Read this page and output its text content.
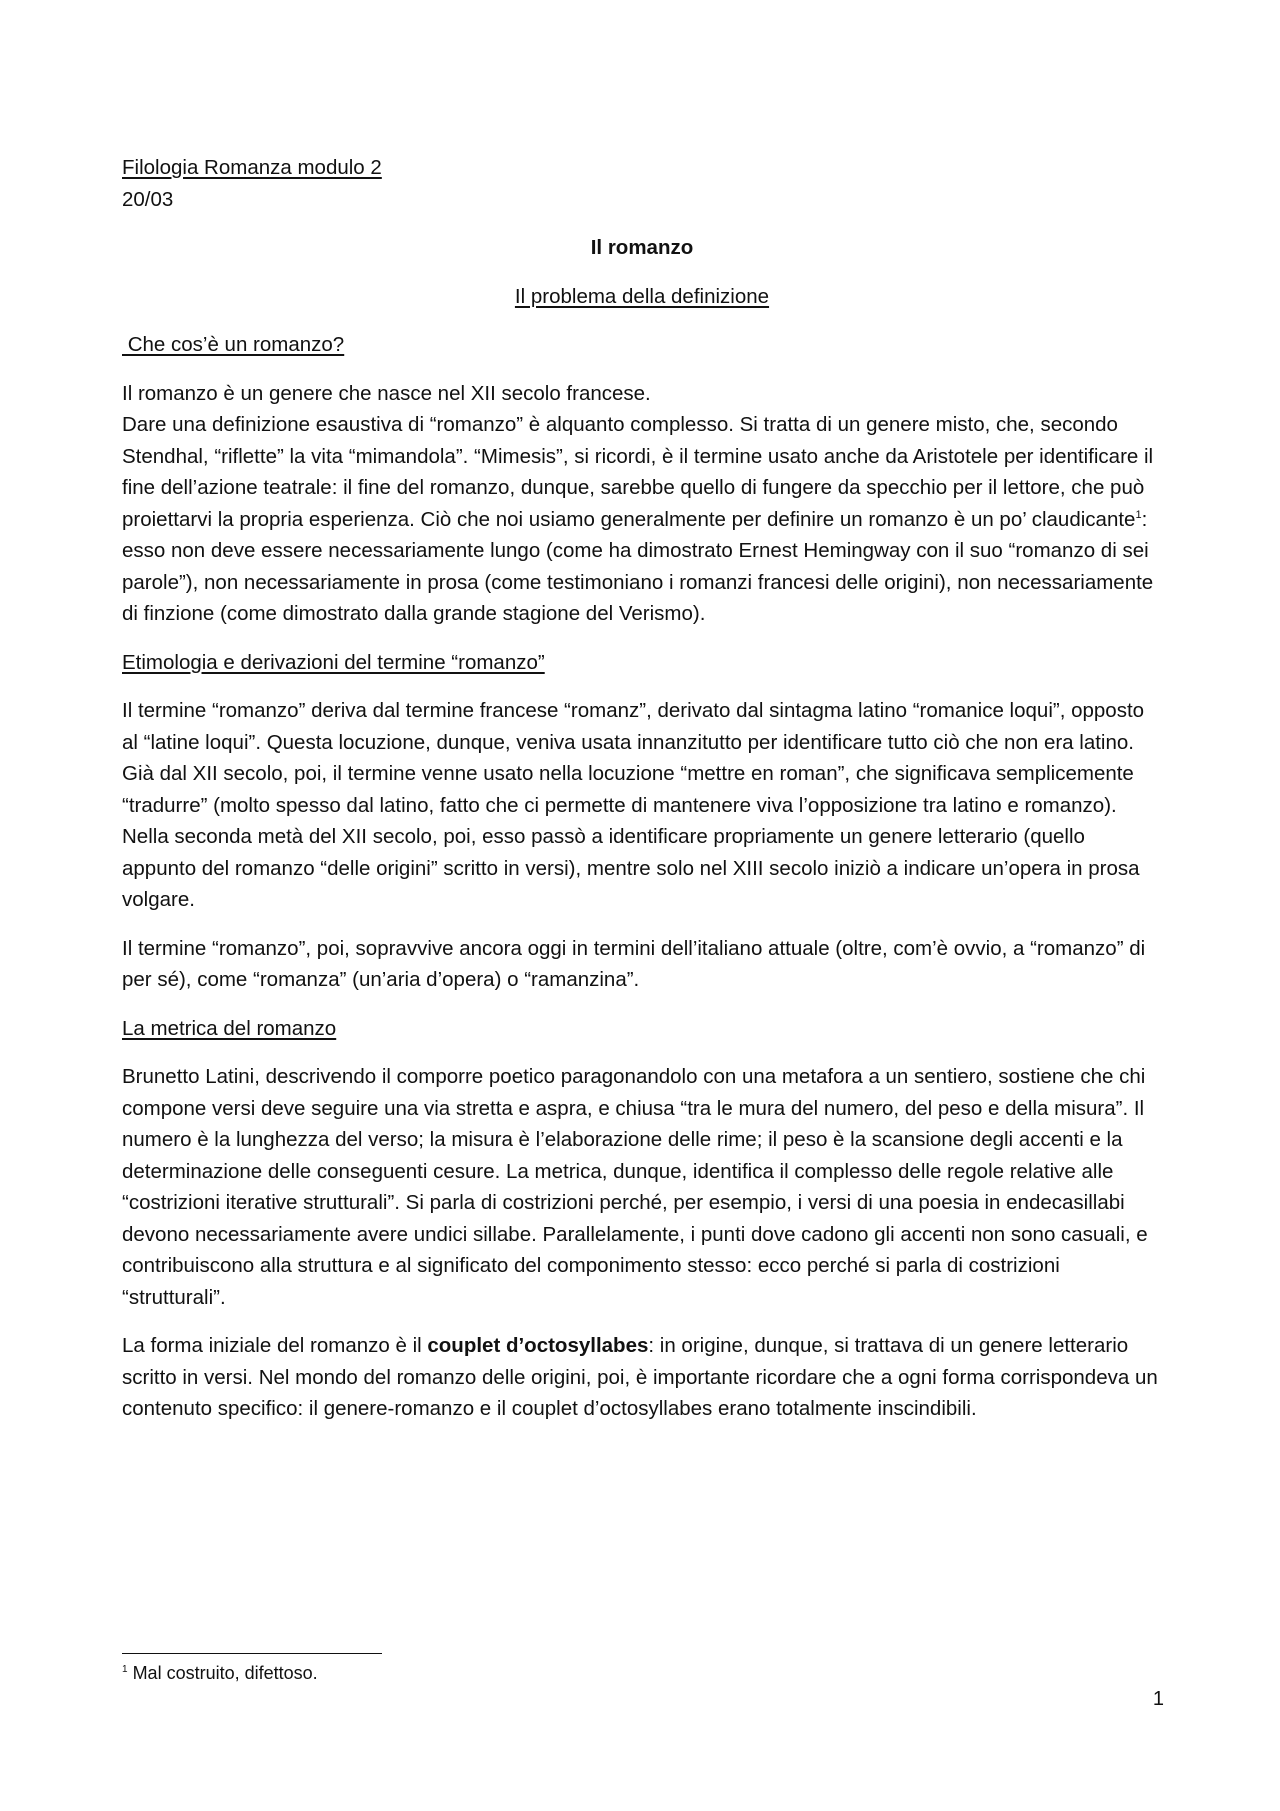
Filologia Romanza modulo 2

20/03

Il romanzo

Il problema della definizione

Che cos’è un romanzo?

Il romanzo è un genere che nasce nel XII secolo francese.
Dare una definizione esaustiva di “romanzo” è alquanto complesso. Si tratta di un genere misto, che, secondo Stendhal, “riflette” la vita “mimandola”. “Mimesis”, si ricordi, è il termine usato anche da Aristotele per identificare il fine dell’azione teatrale: il fine del romanzo, dunque, sarebbe quello di fungere da specchio per il lettore, che può proiettarvi la propria esperienza. Ciò che noi usiamo generalmente per definire un romanzo è un po’ claudicante$^1$: esso non deve essere necessariamente lungo (come ha dimostrato Ernest Hemingway con il suo “romanzo di sei parole”), non necessariamente in prosa (come testimoniano i romanzi francesi delle origini), non necessariamente di finzione (come dimostrato dalla grande stagione del Verismo).

Etimologia e derivazioni del termine “romanzo”

Il termine “romanzo” deriva dal termine francese “romanz”, derivato dal sintagma latino “romanice loqui”, opposto al “latine loqui”. Questa locuzione, dunque, veniva usata innanzitutto per identificare tutto ciò che non era latino. Già dal XII secolo, poi, il termine venne usato nella locuzione “mettre en roman”, che significava semplicemente “tradurre” (molto spesso dal latino, fatto che ci permette di mantenere viva l’opposizione tra latino e romanzo). Nella seconda metà del XII secolo, poi, esso passò a identificare propriamente un genere letterario (quello appunto del romanzo “delle origini” scritto in versi), mentre solo nel XIII secolo iniziò a indicare un’opera in prosa volgare.

Il termine “romanzo”, poi, sopravvive ancora oggi in termini dell’italiano attuale (oltre, com’è ovvio, a “romanzo” di per sé), come “romanza” (un’aria d’opera) o “ramanzina”.

La metrica del romanzo

Brunetto Latini, descrivendo il comporre poetico paragonandolo con una metafora a un sentiero, sostiene che chi compone versi deve seguire una via stretta e aspra, e chiusa “tra le mura del numero, del peso e della misura”. Il numero è la lunghezza del verso; la misura è l’elaborazione delle rime; il peso è la scansione degli accenti e la determinazione delle conseguenti cesure. La metrica, dunque, identifica il complesso delle regole relative alle “costrizioni iterative strutturali”. Si parla di costrizioni perché, per esempio, i versi di una poesia in endecasillabi devono necessariamente avere undici sillabe. Parallelamente, i punti dove cadono gli accenti non sono casuali, e contribuiscono alla struttura e al significato del componimento stesso: ecco perché si parla di costrizioni “strutturali”.

La forma iniziale del romanzo è il couplet d’octosyllabes: in origine, dunque, si trattava di un genere letterario scritto in versi. Nel mondo del romanzo delle origini, poi, è importante ricordare che a ogni forma corrispondeva un contenuto specifico: il genere-romanzo e il couplet d’octosyllabes erano totalmente inscindibili.

$^1$ Mal costruito, difettoso.
1
